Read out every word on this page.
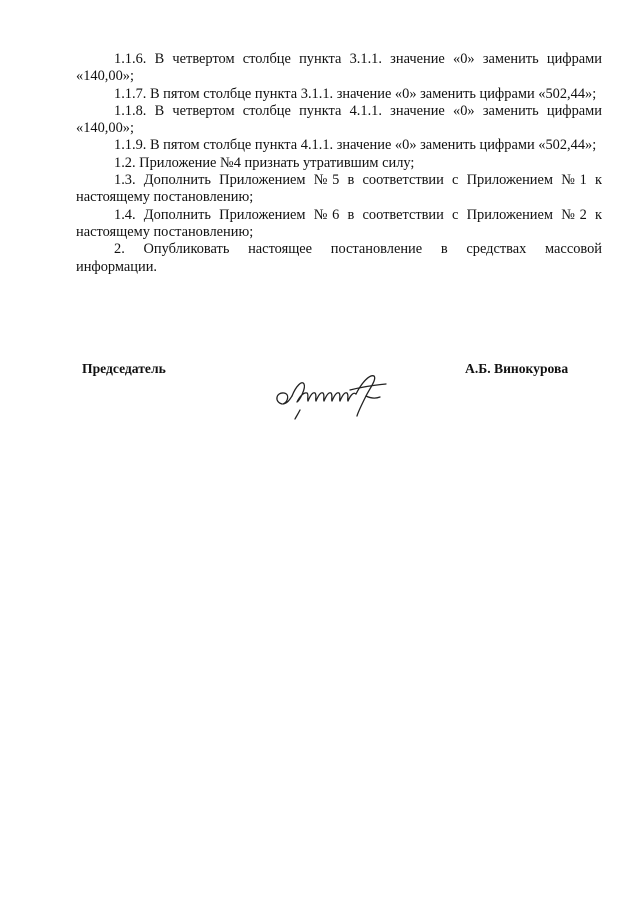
1.1.6. В четвертом столбце пункта 3.1.1. значение «0» заменить цифрами «140,00»;

1.1.7. В пятом столбце пункта 3.1.1. значение «0» заменить цифрами «502,44»;

1.1.8. В четвертом столбце пункта 4.1.1. значение «0» заменить цифрами «140,00»;

1.1.9. В пятом столбце пункта 4.1.1. значение «0» заменить цифрами «502,44»;

1.2. Приложение №4 признать утратившим силу;

1.3. Дополнить Приложением №5 в соответствии с Приложением №1 к настоящему постановлению;

1.4. Дополнить Приложением №6 в соответствии с Приложением №2 к настоящему постановлению;

2. Опубликовать настоящее постановление в средствах массовой информации.

Председатель	А.Б. Винокурова
